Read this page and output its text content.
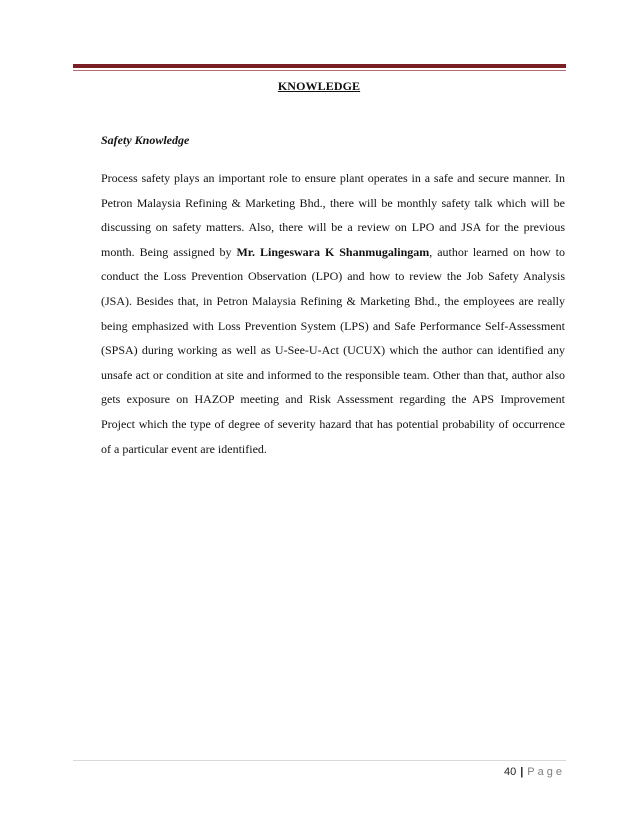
KNOWLEDGE
Safety Knowledge

Process safety plays an important role to ensure plant operates in a safe and secure manner. In Petron Malaysia Refining & Marketing Bhd., there will be monthly safety talk which will be discussing on safety matters. Also, there will be a review on LPO and JSA for the previous month. Being assigned by Mr. Lingeswara K Shanmugalingam, author learned on how to conduct the Loss Prevention Observation (LPO) and how to review the Job Safety Analysis (JSA). Besides that, in Petron Malaysia Refining & Marketing Bhd., the employees are really being emphasized with Loss Prevention System (LPS) and Safe Performance Self-Assessment (SPSA) during working as well as U-See-U-Act (UCUX) which the author can identified any unsafe act or condition at site and informed to the responsible team. Other than that, author also gets exposure on HAZOP meeting and Risk Assessment regarding the APS Improvement Project which the type of degree of severity hazard that has potential probability of occurrence of a particular event are identified.

40 | Page
